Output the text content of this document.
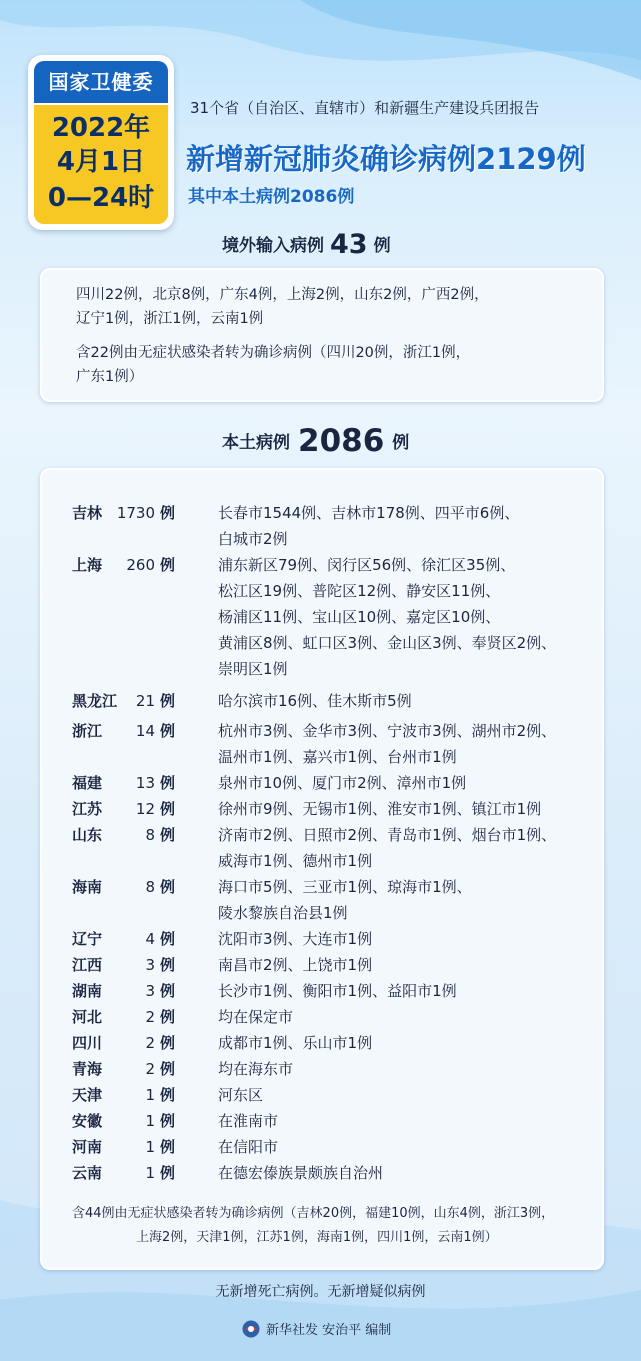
国家卫健委
2022年
4月1日
0—24时
31个省（自治区、直辖市）和新疆生产建设兵团报告
新增新冠肺炎确诊病例2129例
其中本土病例2086例
境外输入病例 43 例
四川22例，北京8例，广东4例，上海2例，山东2例，广西2例，
辽宁1例，浙江1例，云南1例
含22例由无症状感染者转为确诊病例（四川20例，浙江1例，
广东1例）
本土病例 2086 例
吉林 1730 例	长春市1544例、吉林市178例、四平市6例、
白城市2例
上海	260 例	浦东新区79例、闵行区56例、徐汇区35例、
松江区19例、普陀区12例、静安区11例、
杨浦区11例、宝山区10例、嘉定区10例、
黄浦区8例、虹口区3例、金山区3例、奉贤区2例、
崇明区1例
黑龙江	21 例	哈尔滨市16例、佳木斯市5例
浙江	14 例	杭州市3例、金华市3例、宁波市3例、湖州市2例、
温州市1例、嘉兴市1例、台州市1例
福建	13 例	泉州市10例、厦门市2例、漳州市1例
江苏	12 例	徐州市9例、无锡市1例、淮安市1例、镇江市1例
山东	8 例	济南市2例、日照市2例、青岛市1例、烟台市1例、
威海市1例、德州市1例
海南	8 例	海口市5例、三亚市1例、琼海市1例、
陵水黎族自治县1例
辽宁	4 例	沈阳市3例、大连市1例
江西	3 例	南昌市2例、上饶市1例
湖南	3 例	长沙市1例、衡阳市1例、益阳市1例
河北	2 例	均在保定市
四川	2 例	成都市1例、乐山市1例
青海	2 例	均在海东市
天津	1 例	河东区
安徽	1 例	在淮南市
河南	1 例	在信阳市
云南	1 例	在德宏傣族景颇族自治州
含44例由无症状感染者转为确诊病例（吉林20例，福建10例，山东4例，浙江3例，
上海2例，天津1例，江苏1例，海南1例，四川1例，云南1例）
无新增死亡病例。无新增疑似病例
新华社发 安治平 编制
